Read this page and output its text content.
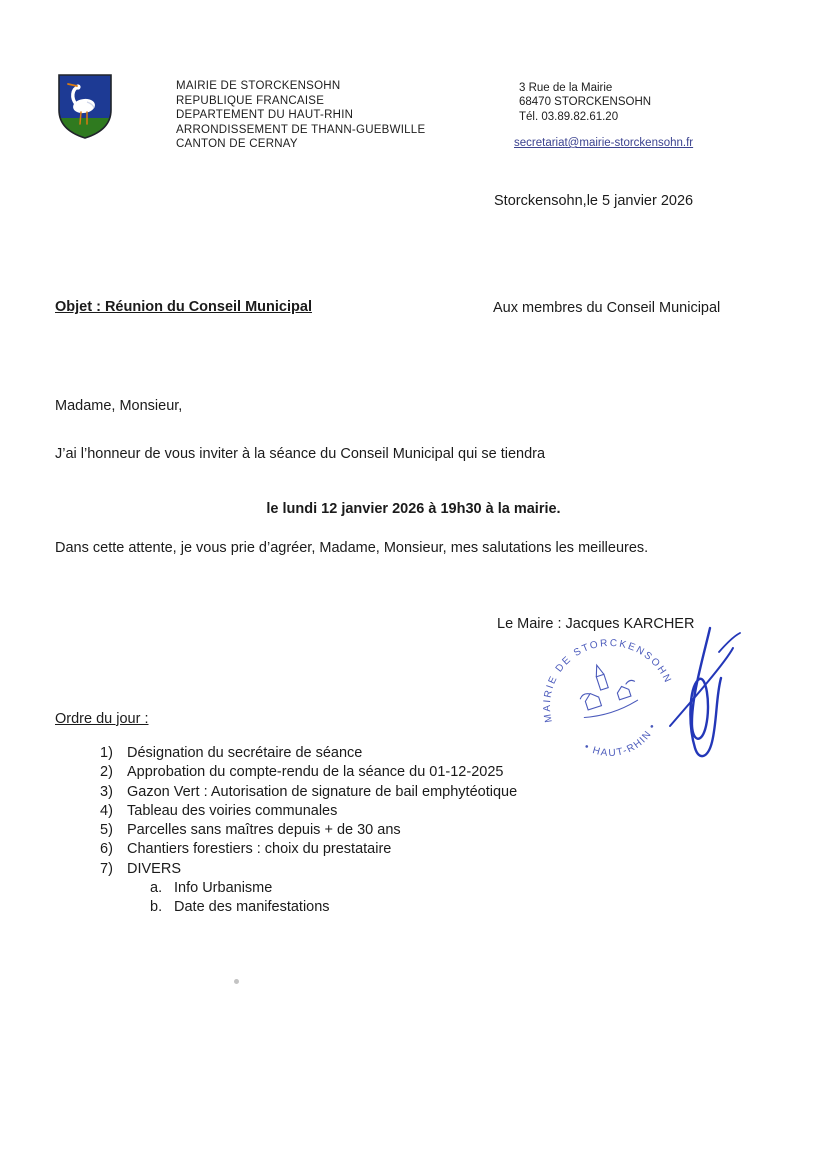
MAIRIE DE STORCKENSOHN
REPUBLIQUE FRANCAISE
DEPARTEMENT DU HAUT-RHIN
ARRONDISSEMENT DE THANN-GUEBWILLE
CANTON DE CERNAY
3 Rue de la Mairie
68470 STORCKENSOHN
Tél. 03.89.82.61.20
secretariat@mairie-storckensohn.fr
Storckensohn,le 5 janvier 2026
Objet : Réunion du Conseil Municipal	Aux membres du Conseil Municipal
Madame, Monsieur,
J’ai l’honneur de vous inviter à la séance du Conseil Municipal qui se tiendra
le lundi 12 janvier 2026 à 19h30 à la mairie.
Dans cette attente, je vous prie d’agréer, Madame, Monsieur, mes salutations les meilleures.
Le Maire : Jacques KARCHER
MAIRIE DE STORCKENSOHN
• HAUT-RHIN •
Ordre du jour :
1) Désignation du secrétaire de séance
2) Approbation du compte-rendu de la séance du 01-12-2025
3) Gazon Vert : Autorisation de signature de bail emphytéotique
4) Tableau des voiries communales
5) Parcelles sans maîtres depuis + de 30 ans
6) Chantiers forestiers : choix du prestataire
7) DIVERS
a. Info Urbanisme
b. Date des manifestations
